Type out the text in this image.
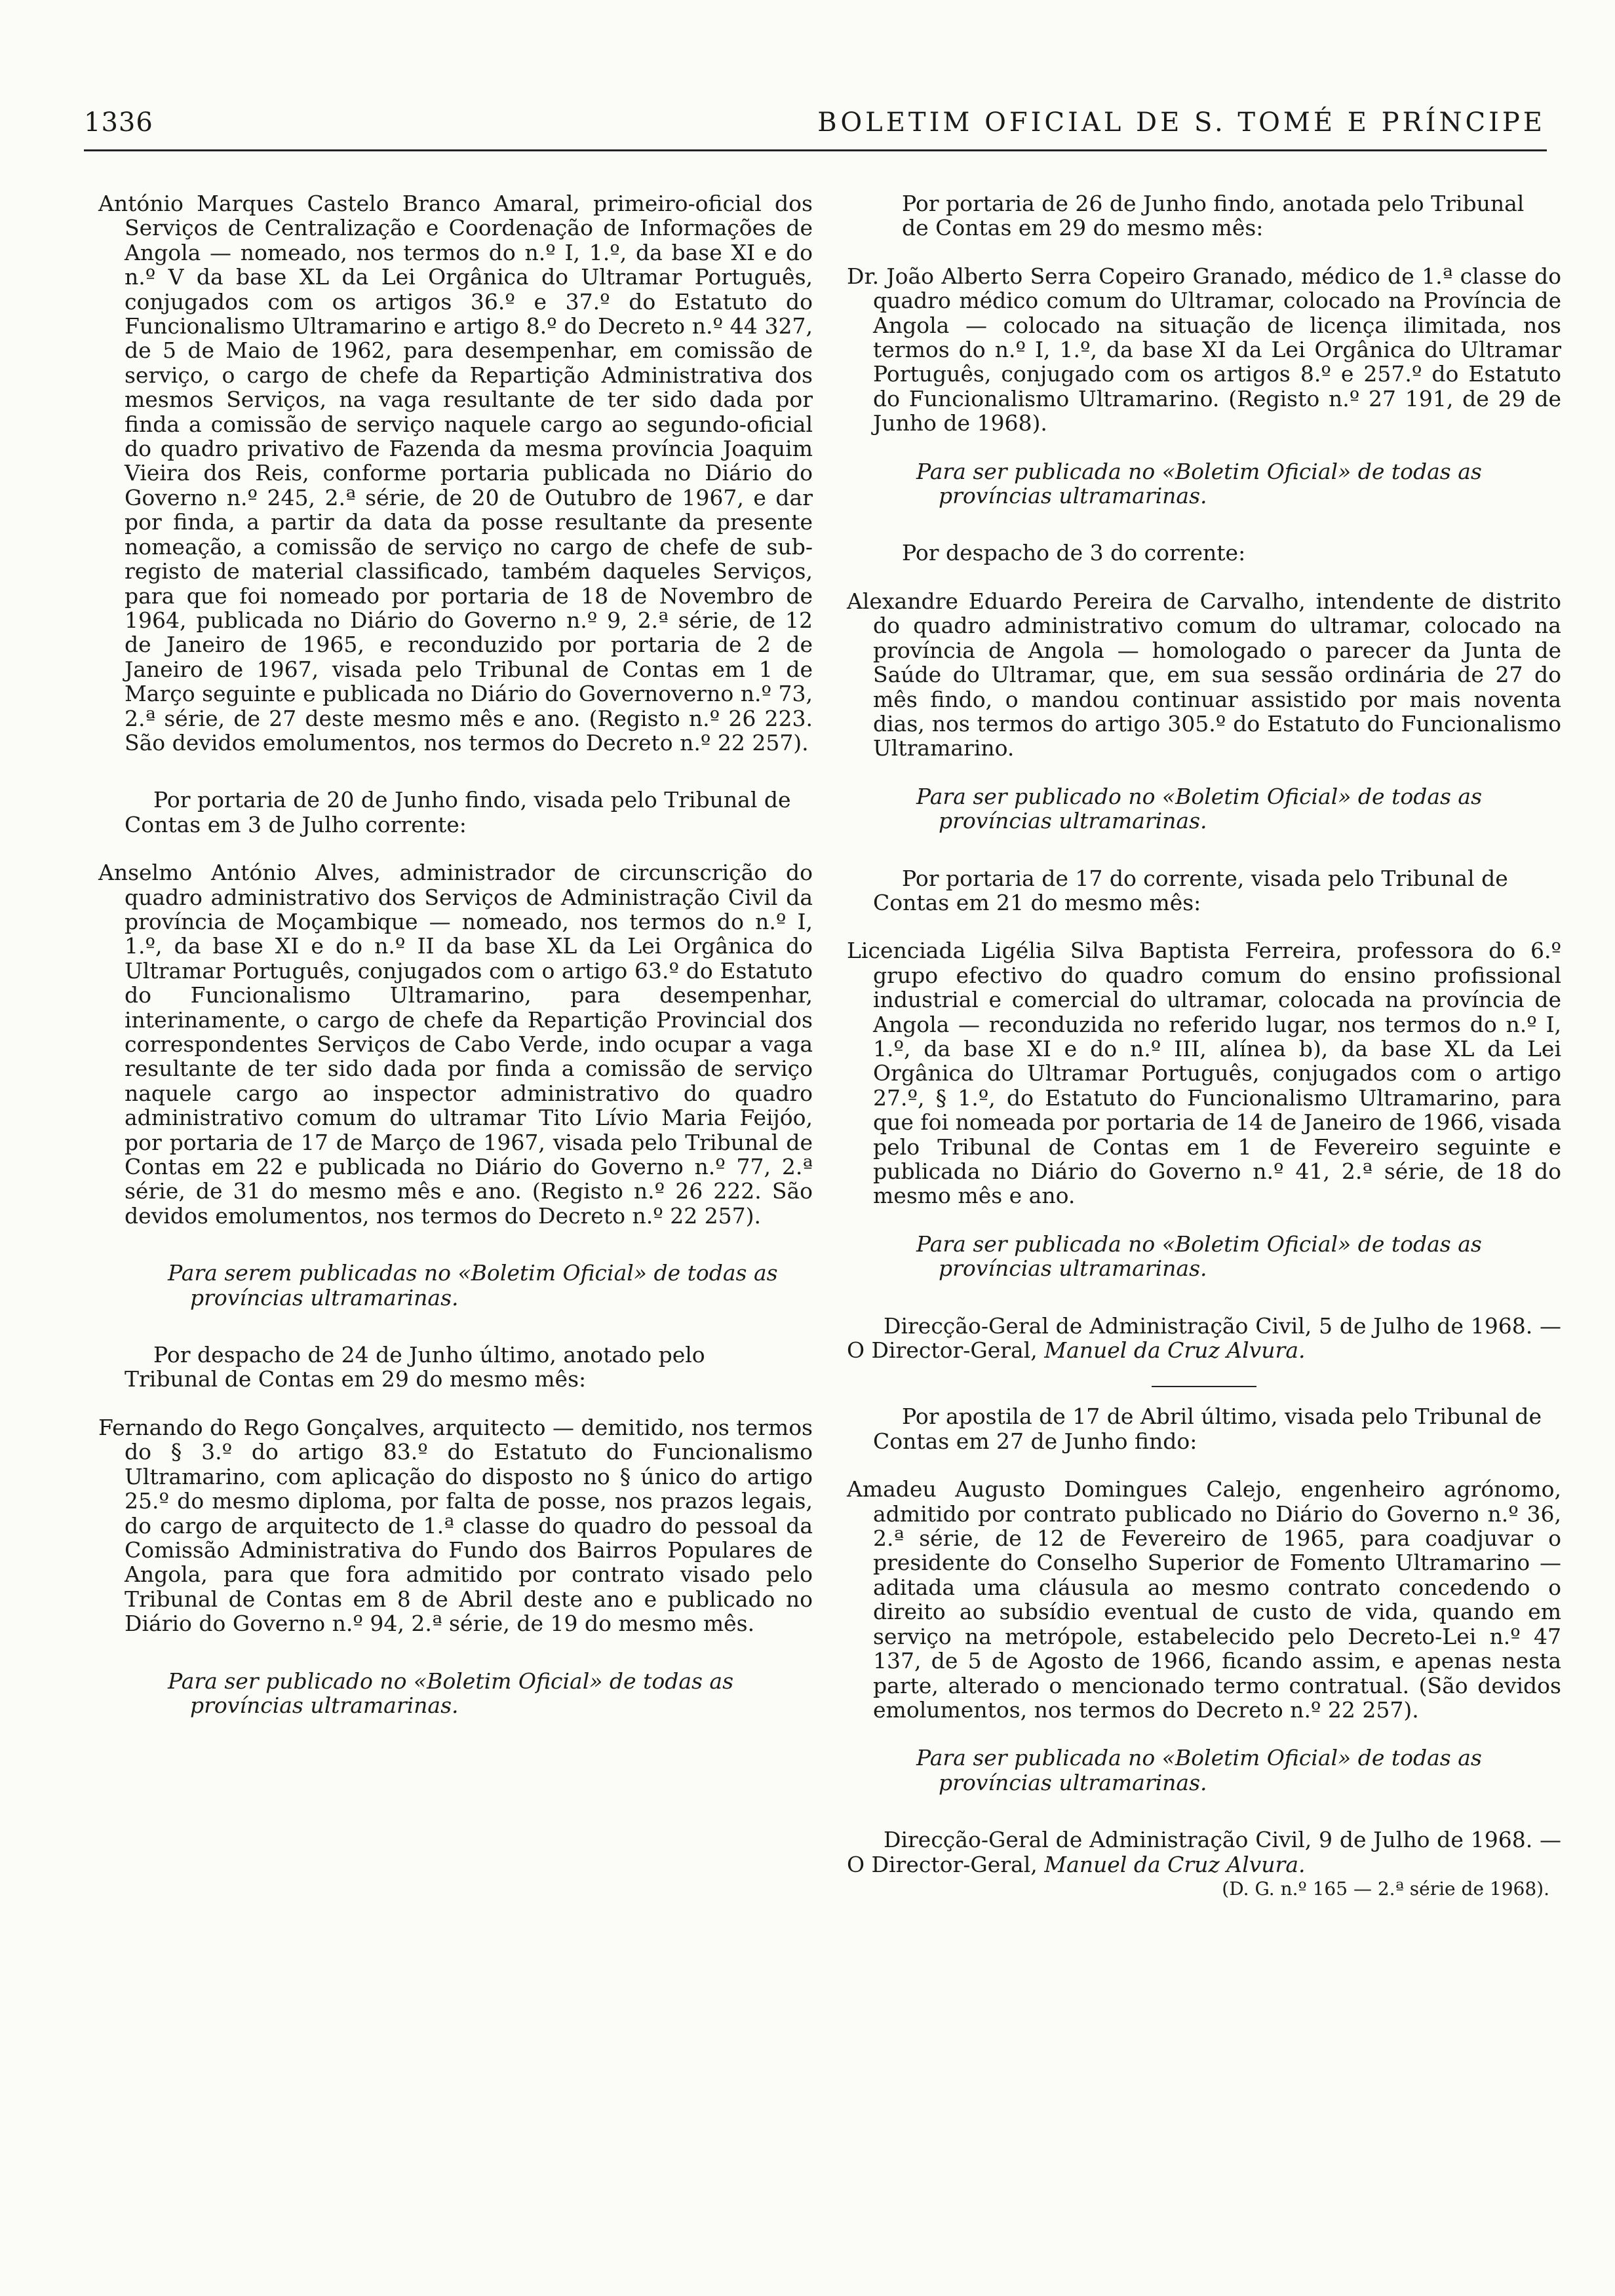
1336	BOLETIM OFICIAL DE S. TOMÉ E PRÍNCIPE

António Marques Castelo Branco Amaral, primeiro-oficial dos Serviços de Centralização e Coordenação de Informações de Angola — nomeado, nos termos do n.º I, 1.º, da base XI e do n.º V da base XL da Lei Orgânica do Ultramar Português, conjugados com os artigos 36.º e 37.º do Estatuto do Funcionalismo Ultramarino e artigo 8.º do Decreto n.º 44 327, de 5 de Maio de 1962, para desempenhar, em comissão de serviço, o cargo de chefe da Repartição Administrativa dos mesmos Serviços, na vaga resultante de ter sido dada por finda a comissão de serviço naquele cargo ao segundo-oficial do quadro privativo de Fazenda da mesma província Joaquim Vieira dos Reis, conforme portaria publicada no Diário do Governo n.º 245, 2.ª série, de 20 de Outubro de 1967, e dar por finda, a partir da data da posse resultante da presente nomeação, a comissão de serviço no cargo de chefe de sub-registo de material classificado, também daqueles Serviços, para que foi nomeado por portaria de 18 de Novembro de 1964, publicada no Diário do Governo n.º 9, 2.ª série, de 12 de Janeiro de 1965, e reconduzido por portaria de 2 de Janeiro de 1967, visada pelo Tribunal de Contas em 1 de Março seguinte e publicada no Diário do Governoverno n.º 73, 2.ª série, de 27 deste mesmo mês e ano. (Registo n.º 26 223. São devidos emolumentos, nos termos do Decreto n.º 22 257).

Por portaria de 20 de Junho findo, visada pelo Tribunal de Contas em 3 de Julho corrente:

Anselmo António Alves, administrador de circunscrição do quadro administrativo dos Serviços de Administração Civil da província de Moçambique — nomeado, nos termos do n.º I, 1.º, da base XI e do n.º II da base XL da Lei Orgânica do Ultramar Português, conjugados com o artigo 63.º do Estatuto do Funcionalismo Ultramarino, para desempenhar, interinamente, o cargo de chefe da Repartição Provincial dos correspondentes Serviços de Cabo Verde, indo ocupar a vaga resultante de ter sido dada por finda a comissão de serviço naquele cargo ao inspector administrativo do quadro administrativo comum do ultramar Tito Lívio Maria Feijóo, por portaria de 17 de Março de 1967, visada pelo Tribunal de Contas em 22 e publicada no Diário do Governo n.º 77, 2.ª série, de 31 do mesmo mês e ano. (Registo n.º 26 222. São devidos emolumentos, nos termos do Decreto n.º 22 257).

Para serem publicadas no «Boletim Oficial» de todas as províncias ultramarinas.

Por despacho de 24 de Junho último, anotado pelo Tribunal de Contas em 29 do mesmo mês:

Fernando do Rego Gonçalves, arquitecto — demitido, nos termos do § 3.º do artigo 83.º do Estatuto do Funcionalismo Ultramarino, com aplicação do disposto no § único do artigo 25.º do mesmo diploma, por falta de posse, nos prazos legais, do cargo de arquitecto de 1.ª classe do quadro do pessoal da Comissão Administrativa do Fundo dos Bairros Populares de Angola, para que fora admitido por contrato visado pelo Tribunal de Contas em 8 de Abril deste ano e publicado no Diário do Governo n.º 94, 2.ª série, de 19 do mesmo mês.

Para ser publicado no «Boletim Oficial» de todas as províncias ultramarinas.

Por portaria de 26 de Junho findo, anotada pelo Tribunal de Contas em 29 do mesmo mês:

Dr. João Alberto Serra Copeiro Granado, médico de 1.ª classe do quadro médico comum do Ultramar, colocado na Província de Angola — colocado na situação de licença ilimitada, nos termos do n.º I, 1.º, da base XI da Lei Orgânica do Ultramar Português, conjugado com os artigos 8.º e 257.º do Estatuto do Funcionalismo Ultramarino. (Registo n.º 27 191, de 29 de Junho de 1968).

Para ser publicada no «Boletim Oficial» de todas as províncias ultramarinas.

Por despacho de 3 do corrente:

Alexandre Eduardo Pereira de Carvalho, intendente de distrito do quadro administrativo comum do ultramar, colocado na província de Angola — homologado o parecer da Junta de Saúde do Ultramar, que, em sua sessão ordinária de 27 do mês findo, o mandou continuar assistido por mais noventa dias, nos termos do artigo 305.º do Estatuto do Funcionalismo Ultramarino.

Para ser publicado no «Boletim Oficial» de todas as províncias ultramarinas.

Por portaria de 17 do corrente, visada pelo Tribunal de Contas em 21 do mesmo mês:

Licenciada Ligélia Silva Baptista Ferreira, professora do 6.º grupo efectivo do quadro comum do ensino profissional industrial e comercial do ultramar, colocada na província de Angola — reconduzida no referido lugar, nos termos do n.º I, 1.º, da base XI e do n.º III, alínea b), da base XL da Lei Orgânica do Ultramar Português, conjugados com o artigo 27.º, § 1.º, do Estatuto do Funcionalismo Ultramarino, para que foi nomeada por portaria de 14 de Janeiro de 1966, visada pelo Tribunal de Contas em 1 de Fevereiro seguinte e publicada no Diário do Governo n.º 41, 2.ª série, de 18 do mesmo mês e ano.

Para ser publicada no «Boletim Oficial» de todas as províncias ultramarinas.

Direcção-Geral de Administração Civil, 5 de Julho de 1968. — O Director-Geral, Manuel da Cruz Alvura.

Por apostila de 17 de Abril último, visada pelo Tribunal de Contas em 27 de Junho findo:

Amadeu Augusto Domingues Calejo, engenheiro agrónomo, admitido por contrato publicado no Diário do Governo n.º 36, 2.ª série, de 12 de Fevereiro de 1965, para coadjuvar o presidente do Conselho Superior de Fomento Ultramarino — aditada uma cláusula ao mesmo contrato concedendo o direito ao subsídio eventual de custo de vida, quando em serviço na metrópole, estabelecido pelo Decreto-Lei n.º 47 137, de 5 de Agosto de 1966, ficando assim, e apenas nesta parte, alterado o mencionado termo contratual. (São devidos emolumentos, nos termos do Decreto n.º 22 257).

Para ser publicada no «Boletim Oficial» de todas as províncias ultramarinas.

Direcção-Geral de Administração Civil, 9 de Julho de 1968. — O Director-Geral, Manuel da Cruz Alvura.

(D. G. n.º 165 — 2.ª série de 1968).
